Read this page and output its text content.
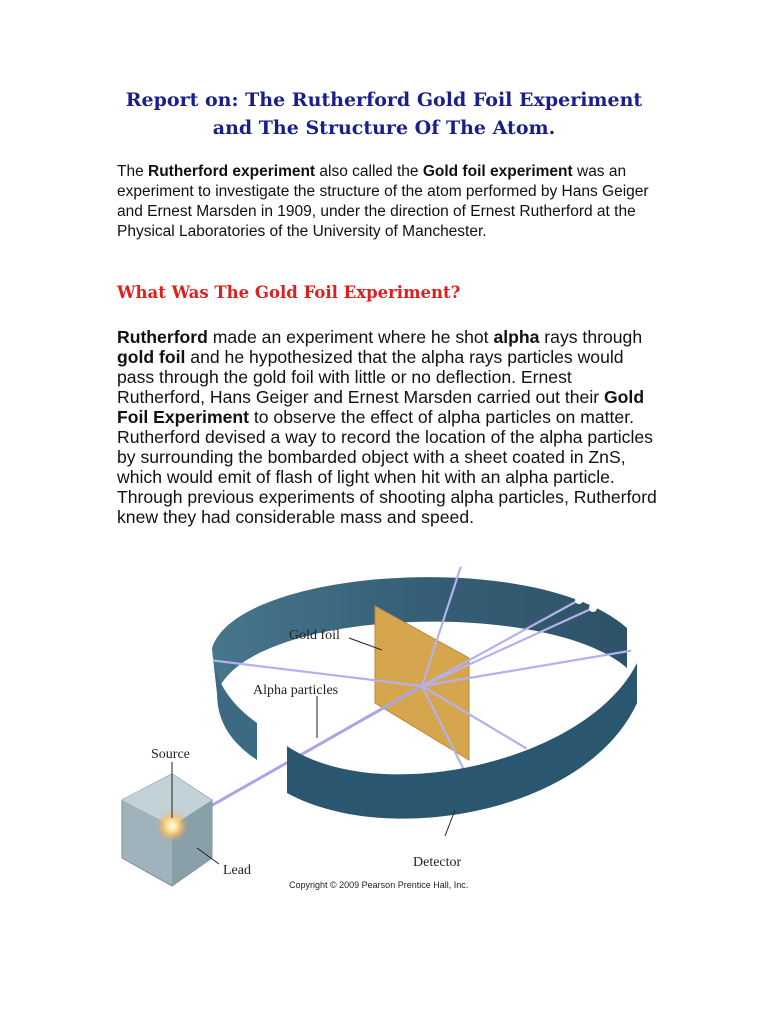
Report on: The Rutherford Gold Foil Experiment
and The Structure Of The Atom.

The Rutherford experiment also called the Gold foil experiment was an experiment to investigate the structure of the atom performed by Hans Geiger and Ernest Marsden in 1909, under the direction of Ernest Rutherford at the Physical Laboratories of the University of Manchester.

What Was The Gold Foil Experiment?

Rutherford made an experiment where he shot alpha rays through gold foil and he hypothesized that the alpha rays particles would pass through the gold foil with little or no deflection. Ernest Rutherford, Hans Geiger and Ernest Marsden carried out their Gold Foil Experiment to observe the effect of alpha particles on matter. Rutherford devised a way to record the location of the alpha particles by surrounding the bombarded object with a sheet coated in ZnS, which would emit of flash of light when hit with an alpha particle. Through previous experiments of shooting alpha particles, Rutherford knew they had considerable mass and speed.

Gold foil
Alpha particles
Source
Lead
Detector
Copyright © 2009 Pearson Prentice Hall, Inc.
